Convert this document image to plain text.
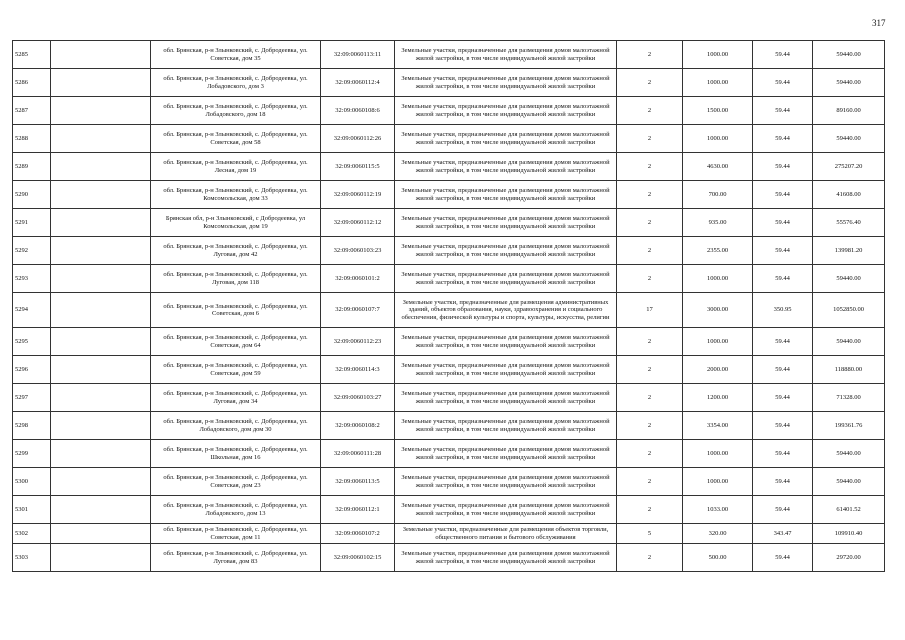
317
5285		обл. Брянская, р-н Злынковский, с. Добродеевка, ул. Советская, дом 35	32:09:0060113:11	Земельные участки, предназначенные для размещения домов малоэтажной жилой застройки, в том числе индивидуальной жилой застройки	2	1000.00	59.44	59440.00
5286		обл. Брянская, р-н Злынковский, с. Добродеевка, ул. Лобадовского, дом 3	32:09:0060112:4	Земельные участки, предназначенные для размещения домов малоэтажной жилой застройки, в том числе индивидуальной жилой застройки	2	1000.00	59.44	59440.00
5287		обл. Брянская, р-н Злынковский, с. Добродеевка, ул. Лобадовского, дом 18	32:09:0060108:6	Земельные участки, предназначенные для размещения домов малоэтажной жилой застройки, в том числе индивидуальной жилой застройки	2	1500.00	59.44	89160.00
5288		обл. Брянская, р-н Злынковский, с. Добродеевка, ул. Советская, дом 58	32:09:0060112:26	Земельные участки, предназначенные для размещения домов малоэтажной жилой застройки, в том числе индивидуальной жилой застройки	2	1000.00	59.44	59440.00
5289		обл. Брянская, р-н Злынковский, с. Добродеевка, ул. Лесная, дом 19	32:09:0060115:5	Земельные участки, предназначенные для размещения домов малоэтажной жилой застройки, в том числе индивидуальной жилой застройки	2	4630.00	59.44	275207.20
5290		обл. Брянская, р-н Злынковский, с. Добродеевка, ул. Комсомольская, дом 33	32:09:0060112:19	Земельные участки, предназначенные для размещения домов малоэтажной жилой застройки, в том числе индивидуальной жилой застройки	2	700.00	59.44	41608.00
5291		Брянская обл, р-н Злынковский, с Добродеевка, ул Комсомольская, дом 19	32:09:0060112:12	Земельные участки, предназначенные для размещения домов малоэтажной жилой застройки, в том числе индивидуальной жилой застройки	2	935.00	59.44	55576.40
5292		обл. Брянская, р-н Злынковский, с. Добродеевка, ул. Луговая, дом 42	32:09:0060103:23	Земельные участки, предназначенные для размещения домов малоэтажной жилой застройки, в том числе индивидуальной жилой застройки	2	2355.00	59.44	139981.20
5293		обл. Брянская, р-н Злынковский, с. Добродеевка, ул. Луговая, дом 118	32:09:0060101:2	Земельные участки, предназначенные для размещения домов малоэтажной жилой застройки, в том числе индивидуальной жилой застройки	2	1000.00	59.44	59440.00
5294		обл. Брянская, р-н Злынковский, с. Добродеевка, ул. Советская, дом 6	32:09:0060107:7	Земельные участки, предназначенные для размещения административных зданий, объектов образования, науки, здравоохранения и социального обеспечения, физической культуры и спорта, культуры, искусства, религии	17	3000.00	350.95	1052850.00
5295		обл. Брянская, р-н Злынковский, с. Добродеевка, ул. Советская, дом 64	32:09:0060112:23	Земельные участки, предназначенные для размещения домов малоэтажной жилой застройки, в том числе индивидуальной жилой застройки	2	1000.00	59.44	59440.00
5296		обл. Брянская, р-н Злынковский, с. Добродеевка, ул. Советская, дом 59	32:09:0060114:3	Земельные участки, предназначенные для размещения домов малоэтажной жилой застройки, в том числе индивидуальной жилой застройки	2	2000.00	59.44	118880.00
5297		обл. Брянская, р-н Злынковский, с. Добродеевка, ул. Луговая, дом 34	32:09:0060103:27	Земельные участки, предназначенные для размещения домов малоэтажной жилой застройки, в том числе индивидуальной жилой застройки	2	1200.00	59.44	71328.00
5298		обл. Брянская, р-н Злынковский, с. Добродеевка, ул. Лобадовского, дом дом 30	32:09:0060108:2	Земельные участки, предназначенные для размещения домов малоэтажной жилой застройки, в том числе индивидуальной жилой застройки	2	3354.00	59.44	199361.76
5299		обл. Брянская, р-н Злынковский, с. Добродеевка, ул. Школьная, дом 16	32:09:0060111:28	Земельные участки, предназначенные для размещения домов малоэтажной жилой застройки, в том числе индивидуальной жилой застройки	2	1000.00	59.44	59440.00
5300		обл. Брянская, р-н Злынковский, с. Добродеевка, ул. Советская, дом 23	32:09:0060113:5	Земельные участки, предназначенные для размещения домов малоэтажной жилой застройки, в том числе индивидуальной жилой застройки	2	1000.00	59.44	59440.00
5301		обл. Брянская, р-н Злынковский, с. Добродеевка, ул. Лобадовского, дом 13	32:09:0060112:1	Земельные участки, предназначенные для размещения домов малоэтажной жилой застройки, в том числе индивидуальной жилой застройки	2	1033.00	59.44	61401.52
5302		обл. Брянская, р-н Злынковский, с. Добродеевка, ул. Советская, дом 11	32:09:0060107:2	Земельные участки, предназначенные для размещения объектов торговли, общественного питания и бытового обслуживания	5	320.00	343.47	109910.40
5303		обл. Брянская, р-н Злынковский, с. Добродеевка, ул. Луговая, дом 83	32:09:0060102:15	Земельные участки, предназначенные для размещения домов малоэтажной жилой застройки, в том числе индивидуальной жилой застройки	2	500.00	59.44	29720.00
